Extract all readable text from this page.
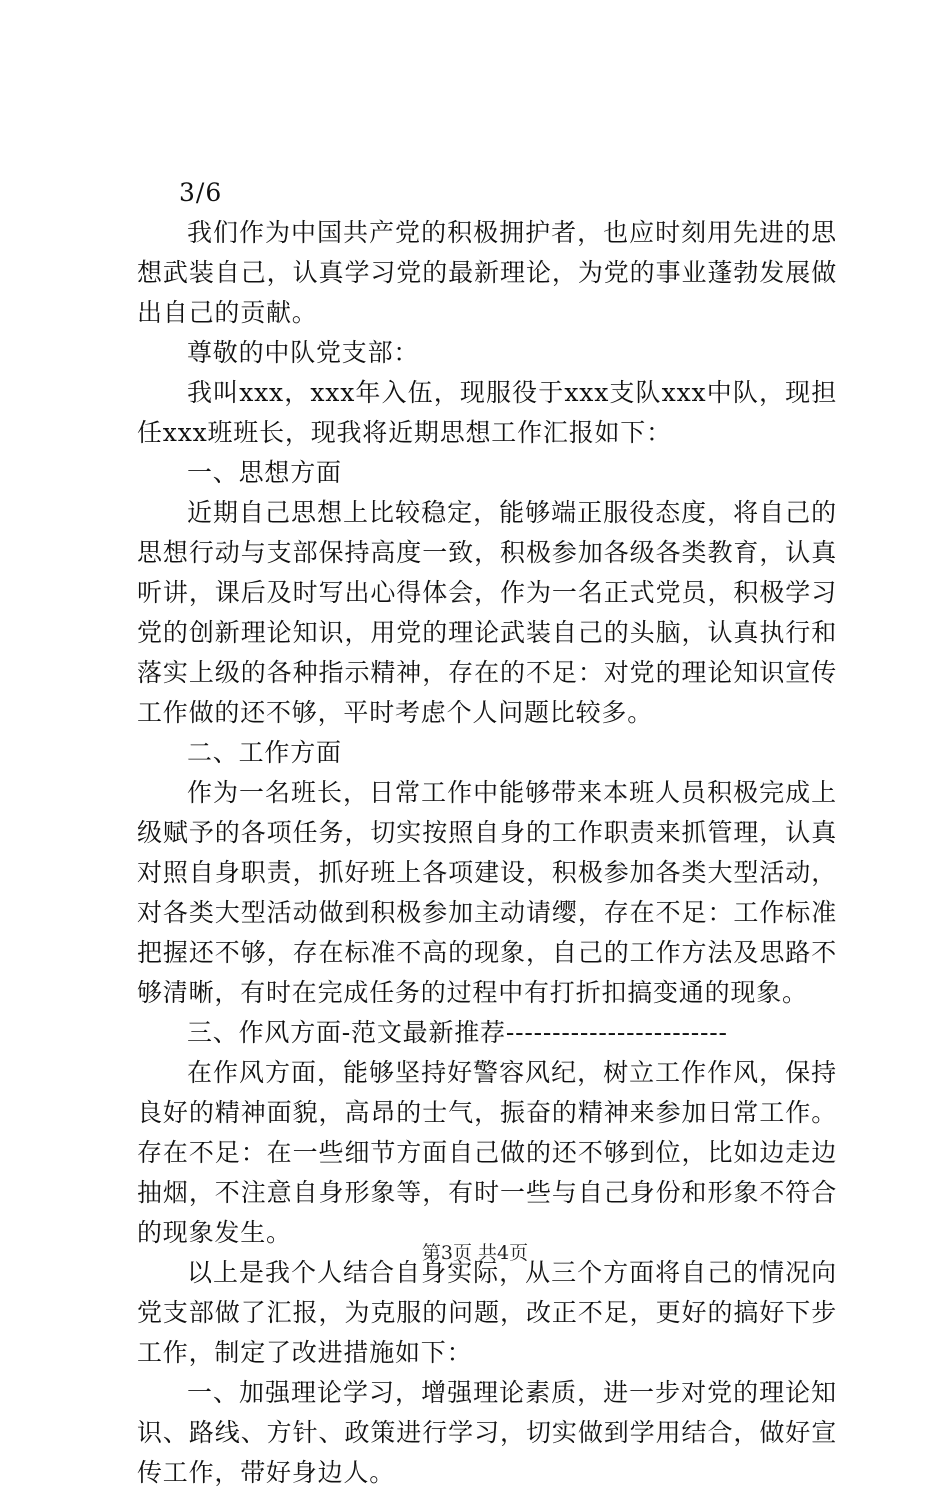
3/6

我们作为中国共产党的积极拥护者，也应时刻用先进的思想武装自己，认真学习党的最新理论，为党的事业蓬勃发展做出自己的贡献。

尊敬的中队党支部：

我叫xxx，xxx年入伍，现服役于xxx支队xxx中队，现担任xxx班班长，现我将近期思想工作汇报如下：

一、思想方面

近期自己思想上比较稳定，能够端正服役态度，将自己的思想行动与支部保持高度一致，积极参加各级各类教育，认真听讲，课后及时写出心得体会，作为一名正式党员，积极学习党的创新理论知识，用党的理论武装自己的头脑，认真执行和落实上级的各种指示精神，存在的不足：对党的理论知识宣传工作做的还不够，平时考虑个人问题比较多。

二、工作方面

作为一名班长，日常工作中能够带来本班人员积极完成上级赋予的各项任务，切实按照自身的工作职责来抓管理，认真对照自身职责，抓好班上各项建设，积极参加各类大型活动，对各类大型活动做到积极参加主动请缨，存在不足：工作标准把握还不够，存在标准不高的现象，自己的工作方法及思路不够清晰，有时在完成任务的过程中有打折扣搞变通的现象。

三、作风方面-范文最新推荐------------------------

在作风方面，能够坚持好警容风纪，树立工作作风，保持良好的精神面貌，高昂的士气，振奋的精神来参加日常工作。存在不足：在一些细节方面自己做的还不够到位，比如边走边抽烟，不注意自身形象等，有时一些与自己身份和形象不符合的现象发生。

以上是我个人结合自身实际，从三个方面将自己的情况向党支部做了汇报，为克服的问题，改正不足，更好的搞好下步工作，制定了改进措施如下：

一、加强理论学习，增强理论素质，进一步对党的理论知识、路线、方针、政策进行学习，切实做到学用结合，做好宣传工作，带好身边人。

第3页 共4页
